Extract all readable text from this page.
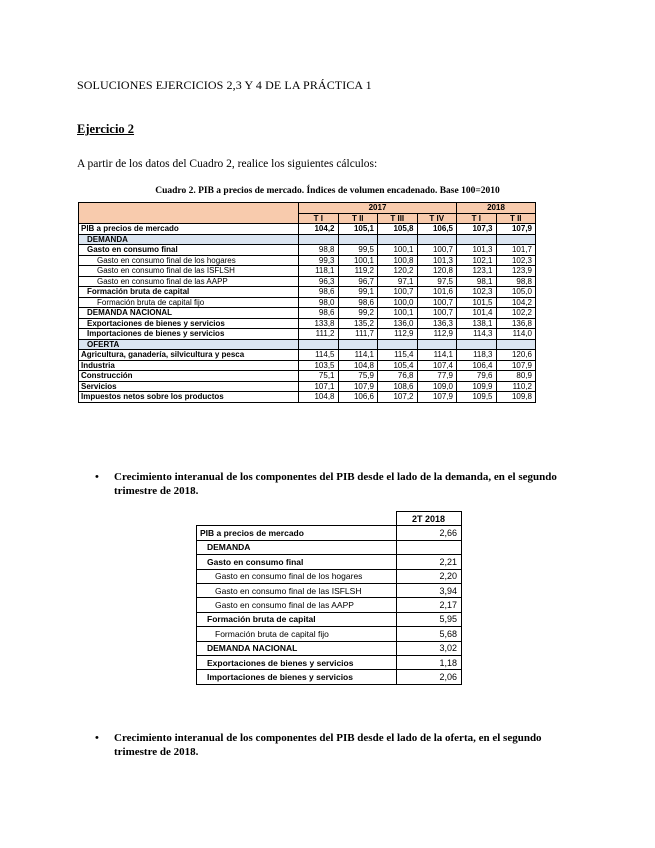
SOLUCIONES EJERCICIOS 2,3 Y 4 DE LA PRÁCTICA 1
Ejercicio 2
A partir de los datos del Cuadro 2, realice los siguientes cálculos:
Cuadro 2. PIB a precios de mercado. Índices de volumen encadenado. Base 100=2010
	2017				2018	
	T I	T II	T III	T IV	T I	T II
PIB a precios de mercado	104,2	105,1	105,8	106,5	107,3	107,9
DEMANDA						
Gasto en consumo final	98,8	99,5	100,1	100,7	101,3	101,7
Gasto en consumo final de los hogares	99,3	100,1	100,8	101,3	102,1	102,3
Gasto en consumo final de las ISFLSH	118,1	119,2	120,2	120,8	123,1	123,9
Gasto en consumo final de las AAPP	96,3	96,7	97,1	97,5	98,1	98,8
Formación bruta de capital	98,6	99,1	100,7	101,6	102,3	105,0
Formación bruta de capital fijo	98,0	98,6	100,0	100,7	101,5	104,2
DEMANDA NACIONAL	98,6	99,2	100,1	100,7	101,4	102,2
Exportaciones de bienes y servicios	133,8	135,2	136,0	136,3	138,1	136,8
Importaciones de bienes y servicios	111,2	111,7	112,9	112,9	114,3	114,0
OFERTA						
Agricultura, ganadería, silvicultura y pesca	114,5	114,1	115,4	114,1	118,3	120,6
Industria	103,5	104,8	105,4	107,4	106,4	107,9
Construcción	75,1	75,9	76,8	77,9	79,6	80,9
Servicios	107,1	107,9	108,6	109,0	109,9	110,2
Impuestos netos sobre los productos	104,8	106,6	107,2	107,9	109,5	109,8
• Crecimiento interanual de los componentes del PIB desde el lado de la demanda, en el segundo trimestre de 2018.
	2T 2018
PIB a precios de mercado	2,66
DEMANDA	
Gasto en consumo final	2,21
Gasto en consumo final de los hogares	2,20
Gasto en consumo final de las ISFLSH	3,94
Gasto en consumo final de las AAPP	2,17
Formación bruta de capital	5,95
Formación bruta de capital fijo	5,68
DEMANDA NACIONAL	3,02
Exportaciones de bienes y servicios	1,18
Importaciones de bienes y servicios	2,06
• Crecimiento interanual de los componentes del PIB desde el lado de la oferta, en el segundo trimestre de 2018.
